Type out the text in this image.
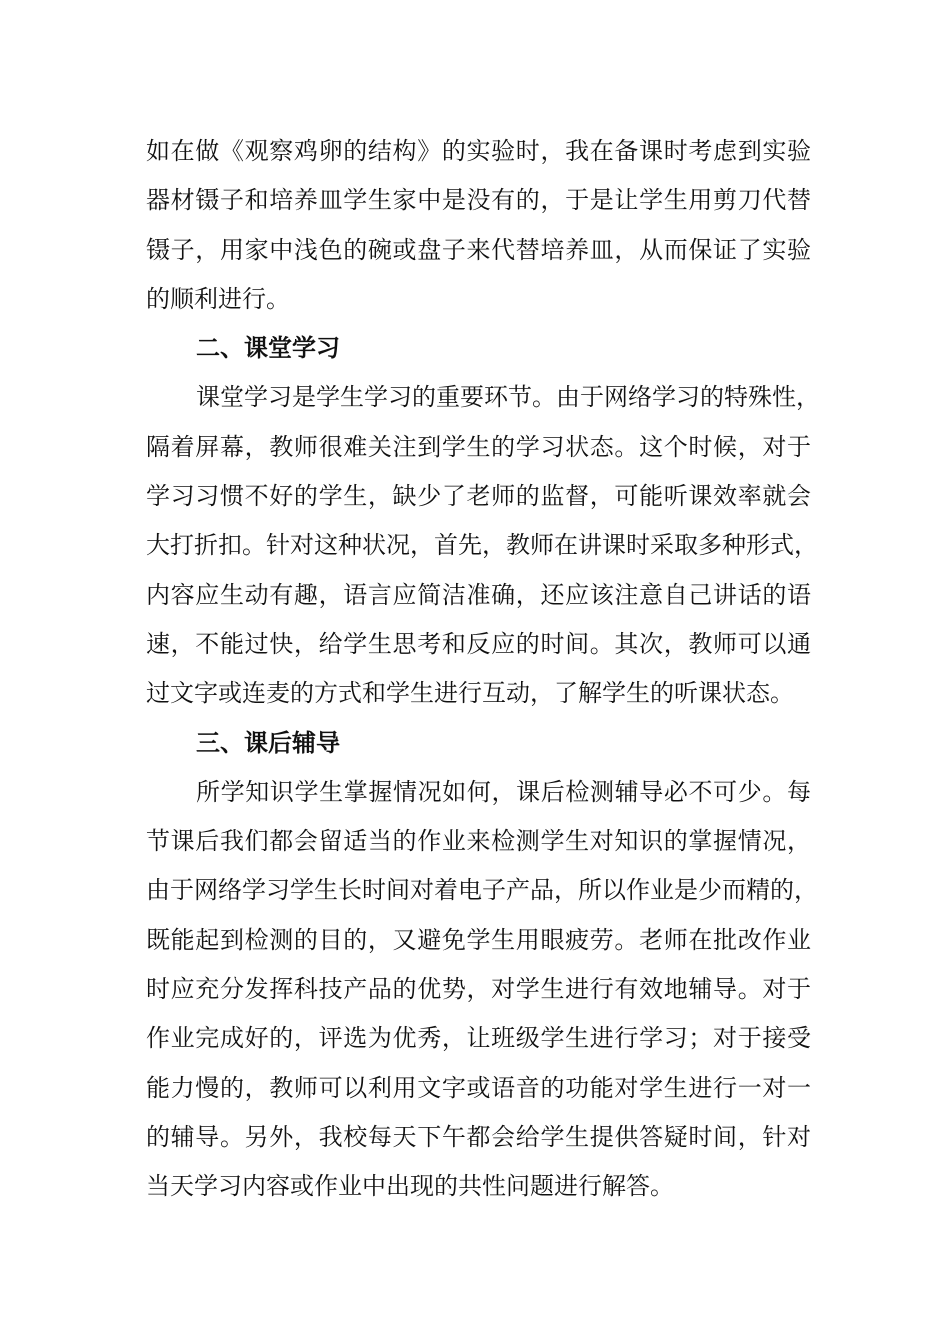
如在做《观察鸡卵的结构》的实验时，我在备课时考虑到实验
器材镊子和培养皿学生家中是没有的，于是让学生用剪刀代替
镊子，用家中浅色的碗或盘子来代替培养皿，从而保证了实验
的顺利进行。
二、课堂学习
课堂学习是学生学习的重要环节。由于网络学习的特殊性，
隔着屏幕，教师很难关注到学生的学习状态。这个时候，对于
学习习惯不好的学生，缺少了老师的监督，可能听课效率就会
大打折扣。针对这种状况，首先，教师在讲课时采取多种形式，
内容应生动有趣，语言应简洁准确，还应该注意自己讲话的语
速，不能过快，给学生思考和反应的时间。其次，教师可以通
过文字或连麦的方式和学生进行互动，了解学生的听课状态。
三、课后辅导
所学知识学生掌握情况如何，课后检测辅导必不可少。每
节课后我们都会留适当的作业来检测学生对知识的掌握情况，
由于网络学习学生长时间对着电子产品，所以作业是少而精的，
既能起到检测的目的，又避免学生用眼疲劳。老师在批改作业
时应充分发挥科技产品的优势，对学生进行有效地辅导。对于
作业完成好的，评选为优秀，让班级学生进行学习；对于接受
能力慢的，教师可以利用文字或语音的功能对学生进行一对一
的辅导。另外，我校每天下午都会给学生提供答疑时间，针对
当天学习内容或作业中出现的共性问题进行解答。
